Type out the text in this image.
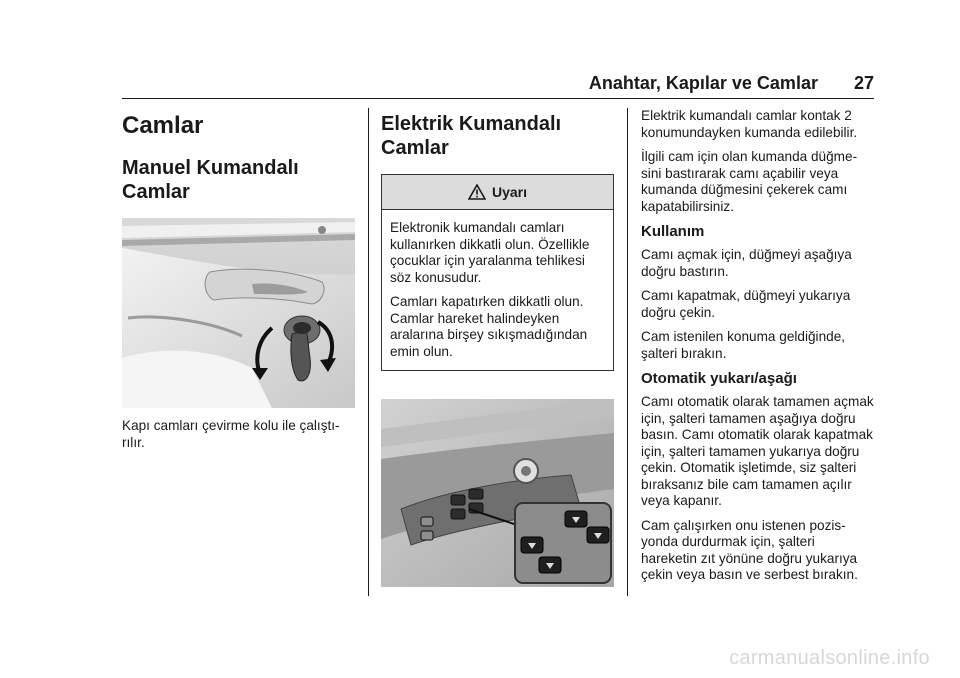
Anahtar, Kapılar ve Camlar 27
Camlar
Manuel Kumandalı Camlar

Kapı camları çevirme kolu ile çalıştı-rılır.

Elektrik Kumandalı Camlar
Uyarı

Elektronik kumandalı camları kullanırken dikkatli olun. Özellikle çocuklar için yaralanma tehlikesi söz konusudur.

Camları kapatırken dikkatli olun. Camlar hareket halindeyken aralarına birşey sıkışmadığından emin olun.

Elektrik kumandalı camlar kontak 2 konumundayken kumanda edilebilir.

İlgili cam için olan kumanda düğme-sini bastırarak camı açabilir veya kumanda düğmesini çekerek camı kapatabilirsiniz.

Kullanım

Camı açmak için, düğmeyi aşağıya doğru bastırın.

Camı kapatmak, düğmeyi yukarıya doğru çekin.

Cam istenilen konuma geldiğinde, şalteri bırakın.

Otomatik yukarı/aşağı

Camı otomatik olarak tamamen açmak için, şalteri tamamen aşağıya doğru basın. Camı otomatik olarak kapatmak için, şalteri tamamen yukarıya doğru çekin. Otomatik işletimde, siz şalteri bıraksanız bile cam tamamen açılır veya kapanır.

Cam çalışırken onu istenen pozis-yonda durdurmak için, şalteri hareketin zıt yönüne doğru yukarıya çekin veya basın ve serbest bırakın.

carmanualsonline.info
